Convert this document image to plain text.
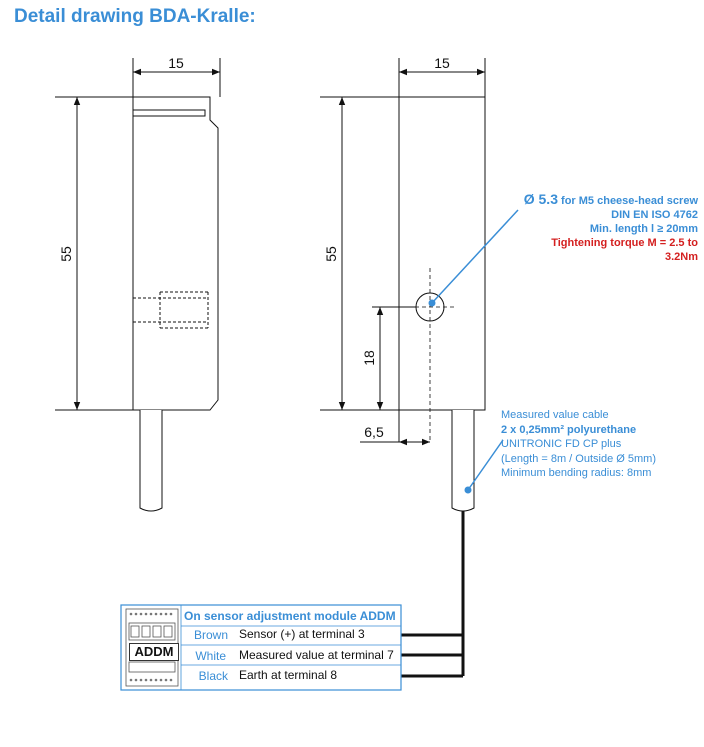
Detail drawing BDA-Kralle:
15
55
15
55
18
6,5
Ø 5.3 for M5 cheese-head screw
DIN EN ISO 4762
Min. length l ≥ 20mm
Tightening torque M = 2.5 to
3.2Nm
Measured value cable
2 x 0,25mm² polyurethane
UNITRONIC FD CP plus
(Length = 8m / Outside Ø 5mm)
Minimum bending radius: 8mm
On sensor adjustment module ADDM
ADDM
Brown Sensor (+) at terminal 3
White Measured value at terminal 7
Black Earth at terminal 8
